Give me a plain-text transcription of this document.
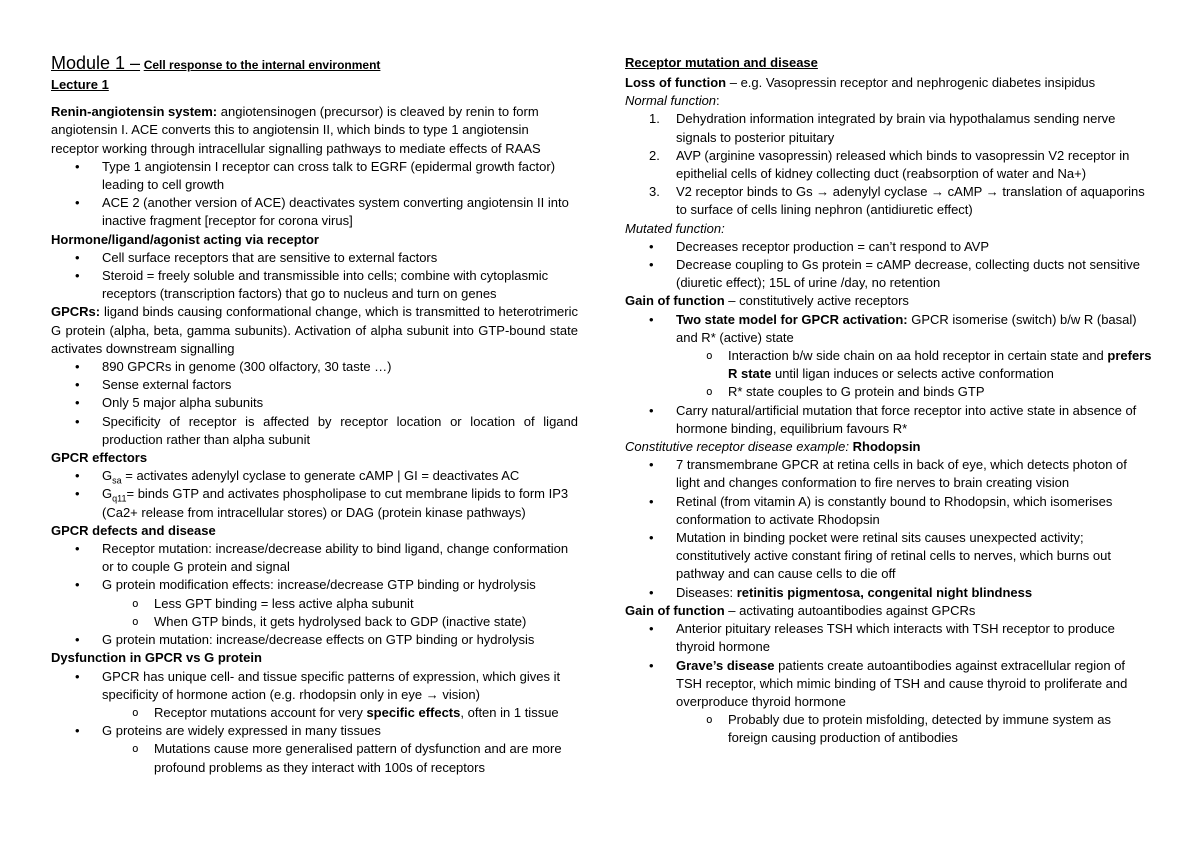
Module 1 – Cell response to the internal environment
Lecture 1
Renin-angiotensin system: angiotensinogen (precursor) is cleaved by renin to form angiotensin I. ACE converts this to angiotensin II, which binds to type 1 angiotensin receptor working through intracellular signalling pathways to mediate effects of RAAS
• Type 1 angiotensin I receptor can cross talk to EGRF (epidermal growth factor) leading to cell growth
• ACE 2 (another version of ACE) deactivates system converting angiotensin II into inactive fragment [receptor for corona virus]
Hormone/ligand/agonist acting via receptor
• Cell surface receptors that are sensitive to external factors
• Steroid = freely soluble and transmissible into cells; combine with cytoplasmic receptors (transcription factors) that go to nucleus and turn on genes
GPCRs: ligand binds causing conformational change, which is transmitted to heterotrimeric G protein (alpha, beta, gamma subunits). Activation of alpha subunit into GTP-bound state activates downstream signalling
• 890 GPCRs in genome (300 olfactory, 30 taste …)
• Sense external factors
• Only 5 major alpha subunits
• Specificity of receptor is affected by receptor location or location of ligand production rather than alpha subunit
GPCR effectors
• $G_{sa}$ = activates adenylyl cyclase to generate cAMP | GI = deactivates AC
• $G_{q11}=$ binds GTP and activates phospholipase to cut membrane lipids to form IP3 (Ca2+ release from intracellular stores) or DAG (protein kinase pathways)
GPCR defects and disease
• Receptor mutation: increase/decrease ability to bind ligand, change conformation or to couple G protein and signal
• G protein modification effects: increase/decrease GTP binding or hydrolysis
o Less GPT binding = less active alpha subunit
o When GTP binds, it gets hydrolysed back to GDP (inactive state)
• G protein mutation: increase/decrease effects on GTP binding or hydrolysis
Dysfunction in GPCR vs G protein
• GPCR has unique cell- and tissue specific patterns of expression, which gives it specificity of hormone action (e.g. rhodopsin only in eye → vision)
o Receptor mutations account for very specific effects, often in 1 tissue
• G proteins are widely expressed in many tissues
o Mutations cause more generalised pattern of dysfunction and are more profound problems as they interact with 100s of receptors
Receptor mutation and disease
Loss of function – e.g. Vasopressin receptor and nephrogenic diabetes insipidus
Normal function:
1. Dehydration information integrated by brain via hypothalamus sending nerve signals to posterior pituitary
2. AVP (arginine vasopressin) released which binds to vasopressin V2 receptor in epithelial cells of kidney collecting duct (reabsorption of water and Na+)
3. V2 receptor binds to Gs → adenylyl cyclase → cAMP → translation of aquaporins to surface of cells lining nephron (antidiuretic effect)
Mutated function:
• Decreases receptor production = can’t respond to AVP
• Decrease coupling to Gs protein = cAMP decrease, collecting ducts not sensitive (diuretic effect); 15L of urine /day, no retention
Gain of function – constitutively active receptors
• Two state model for GPCR activation: GPCR isomerise (switch) b/w R (basal) and R* (active) state
o Interaction b/w side chain on aa hold receptor in certain state and prefers R state until ligan induces or selects active conformation
o R* state couples to G protein and binds GTP
• Carry natural/artificial mutation that force receptor into active state in absence of hormone binding, equilibrium favours R*
Constitutive receptor disease example: Rhodopsin
• 7 transmembrane GPCR at retina cells in back of eye, which detects photon of light and changes conformation to fire nerves to brain creating vision
• Retinal (from vitamin A) is constantly bound to Rhodopsin, which isomerises conformation to activate Rhodopsin
• Mutation in binding pocket were retinal sits causes unexpected activity; constitutively active constant firing of retinal cells to nerves, which burns out pathway and can cause cells to die off
• Diseases: retinitis pigmentosa, congenital night blindness
Gain of function – activating autoantibodies against GPCRs
• Anterior pituitary releases TSH which interacts with TSH receptor to produce thyroid hormone
• Grave’s disease patients create autoantibodies against extracellular region of TSH receptor, which mimic binding of TSH and cause thyroid to proliferate and overproduce thyroid hormone
o Probably due to protein misfolding, detected by immune system as foreign causing production of antibodies
